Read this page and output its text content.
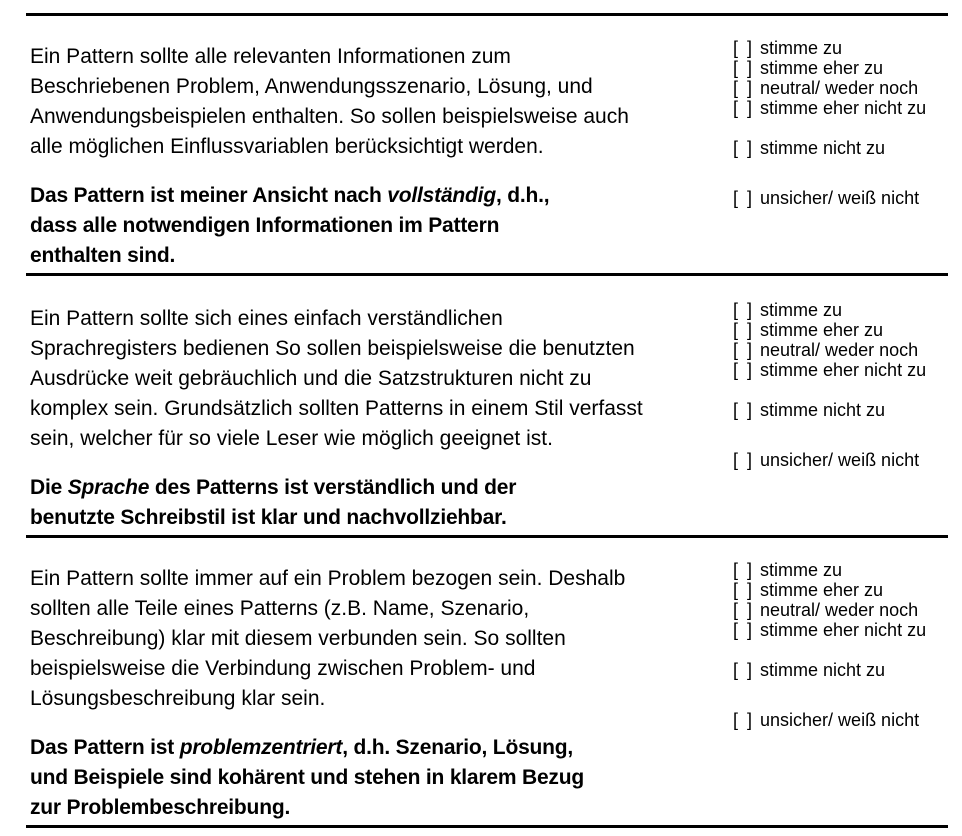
Ein Pattern sollte alle relevanten Informationen zum
Beschriebenen Problem, Anwendungsszenario, Lösung, und
Anwendungsbeispielen enthalten. So sollen beispielsweise auch
alle möglichen Einflussvariablen berücksichtigt werden.
Das Pattern ist meiner Ansicht nach vollständig, d.h.,
dass alle notwendigen Informationen im Pattern
enthalten sind.
[ ] stimme zu
[ ] stimme eher zu
[ ] neutral/ weder noch
[ ] stimme eher nicht zu
[ ] stimme nicht zu
[ ] unsicher/ weiß nicht
Ein Pattern sollte sich eines einfach verständlichen
Sprachregisters bedienen So sollen beispielsweise die benutzten
Ausdrücke weit gebräuchlich und die Satzstrukturen nicht zu
komplex sein. Grundsätzlich sollten Patterns in einem Stil verfasst
sein, welcher für so viele Leser wie möglich geeignet ist.
Die Sprache des Patterns ist verständlich und der
benutzte Schreibstil ist klar und nachvollziehbar.
[ ] stimme zu
[ ] stimme eher zu
[ ] neutral/ weder noch
[ ] stimme eher nicht zu
[ ] stimme nicht zu
[ ] unsicher/ weiß nicht
Ein Pattern sollte immer auf ein Problem bezogen sein. Deshalb
sollten alle Teile eines Patterns (z.B. Name, Szenario,
Beschreibung) klar mit diesem verbunden sein. So sollten
beispielsweise die Verbindung zwischen Problem- und
Lösungsbeschreibung klar sein.
Das Pattern ist problemzentriert, d.h. Szenario, Lösung,
und Beispiele sind kohärent und stehen in klarem Bezug
zur Problembeschreibung.
[ ] stimme zu
[ ] stimme eher zu
[ ] neutral/ weder noch
[ ] stimme eher nicht zu
[ ] stimme nicht zu
[ ] unsicher/ weiß nicht
